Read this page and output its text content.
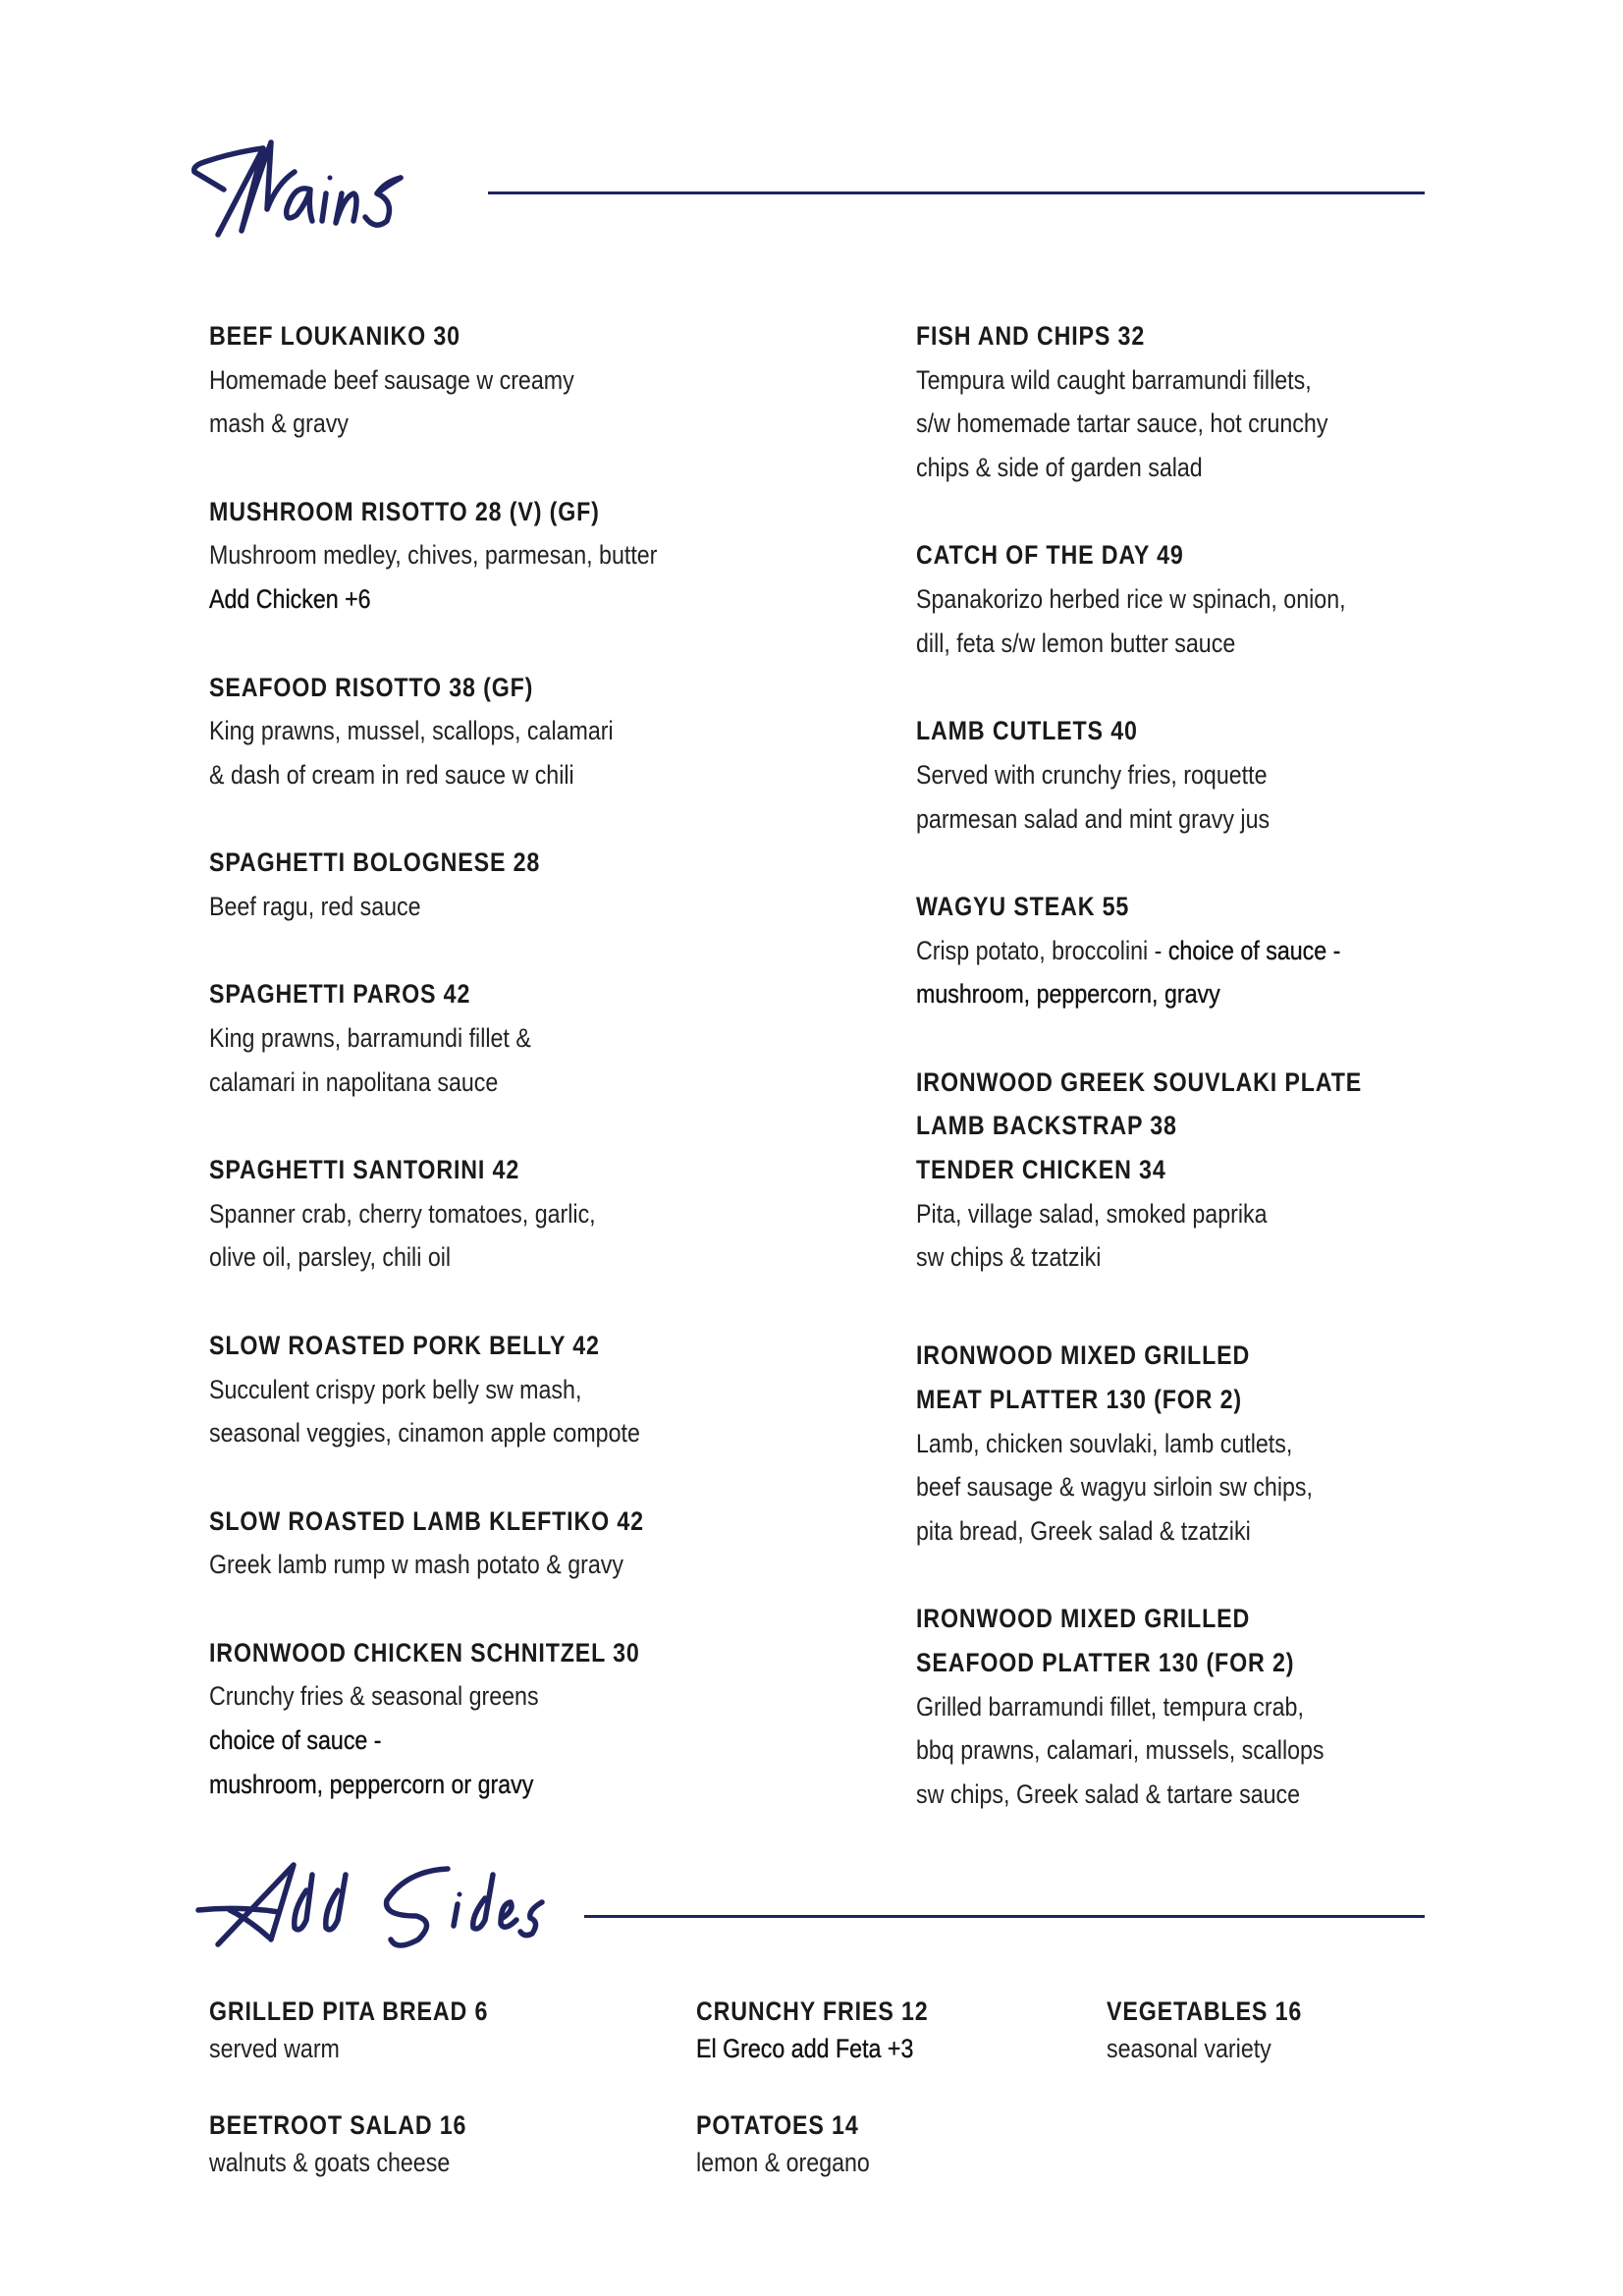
BEEF LOUKANIKO 30
Homemade beef sausage w creamy
mash & gravy
MUSHROOM RISOTTO 28 (V) (GF)
Mushroom medley, chives, parmesan, butter
Add Chicken +6
SEAFOOD RISOTTO 38 (GF)
King prawns, mussel, scallops, calamari
& dash of cream in red sauce w chili
SPAGHETTI BOLOGNESE 28
Beef ragu, red sauce
SPAGHETTI PAROS 42
King prawns, barramundi fillet &
calamari in napolitana sauce
SPAGHETTI SANTORINI 42
Spanner crab, cherry tomatoes, garlic,
olive oil, parsley, chili oil
SLOW ROASTED PORK BELLY 42
Succulent crispy pork belly sw mash,
seasonal veggies, cinamon apple compote
SLOW ROASTED LAMB KLEFTIKO 42
Greek lamb rump w mash potato & gravy
IRONWOOD CHICKEN SCHNITZEL 30
Crunchy fries & seasonal greens
choice of sauce -
mushroom, peppercorn or gravy
FISH AND CHIPS 32
Tempura wild caught barramundi fillets,
s/w homemade tartar sauce, hot crunchy
chips & side of garden salad
CATCH OF THE DAY 49
Spanakorizo herbed rice w spinach, onion,
dill, feta s/w lemon butter sauce
LAMB CUTLETS 40
Served with crunchy fries, roquette
parmesan salad and mint gravy jus
WAGYU STEAK 55
Crisp potato, broccolini - choice of sauce -
mushroom, peppercorn, gravy
IRONWOOD GREEK SOUVLAKI PLATE
LAMB BACKSTRAP 38
TENDER CHICKEN 34
Pita, village salad, smoked paprika
sw chips & tzatziki
IRONWOOD MIXED GRILLED
MEAT PLATTER 130 (FOR 2)
Lamb, chicken souvlaki, lamb cutlets,
beef sausage & wagyu sirloin sw chips,
pita bread, Greek salad & tzatziki
IRONWOOD MIXED GRILLED
SEAFOOD PLATTER 130 (FOR 2)
Grilled barramundi fillet, tempura crab,
bbq prawns, calamari, mussels, scallops
sw chips, Greek salad & tartare sauce
GRILLED PITA BREAD 6
served warm
BEETROOT SALAD 16
walnuts & goats cheese
CRUNCHY FRIES 12
El Greco add Feta +3
POTATOES 14
lemon & oregano
VEGETABLES 16
seasonal variety
